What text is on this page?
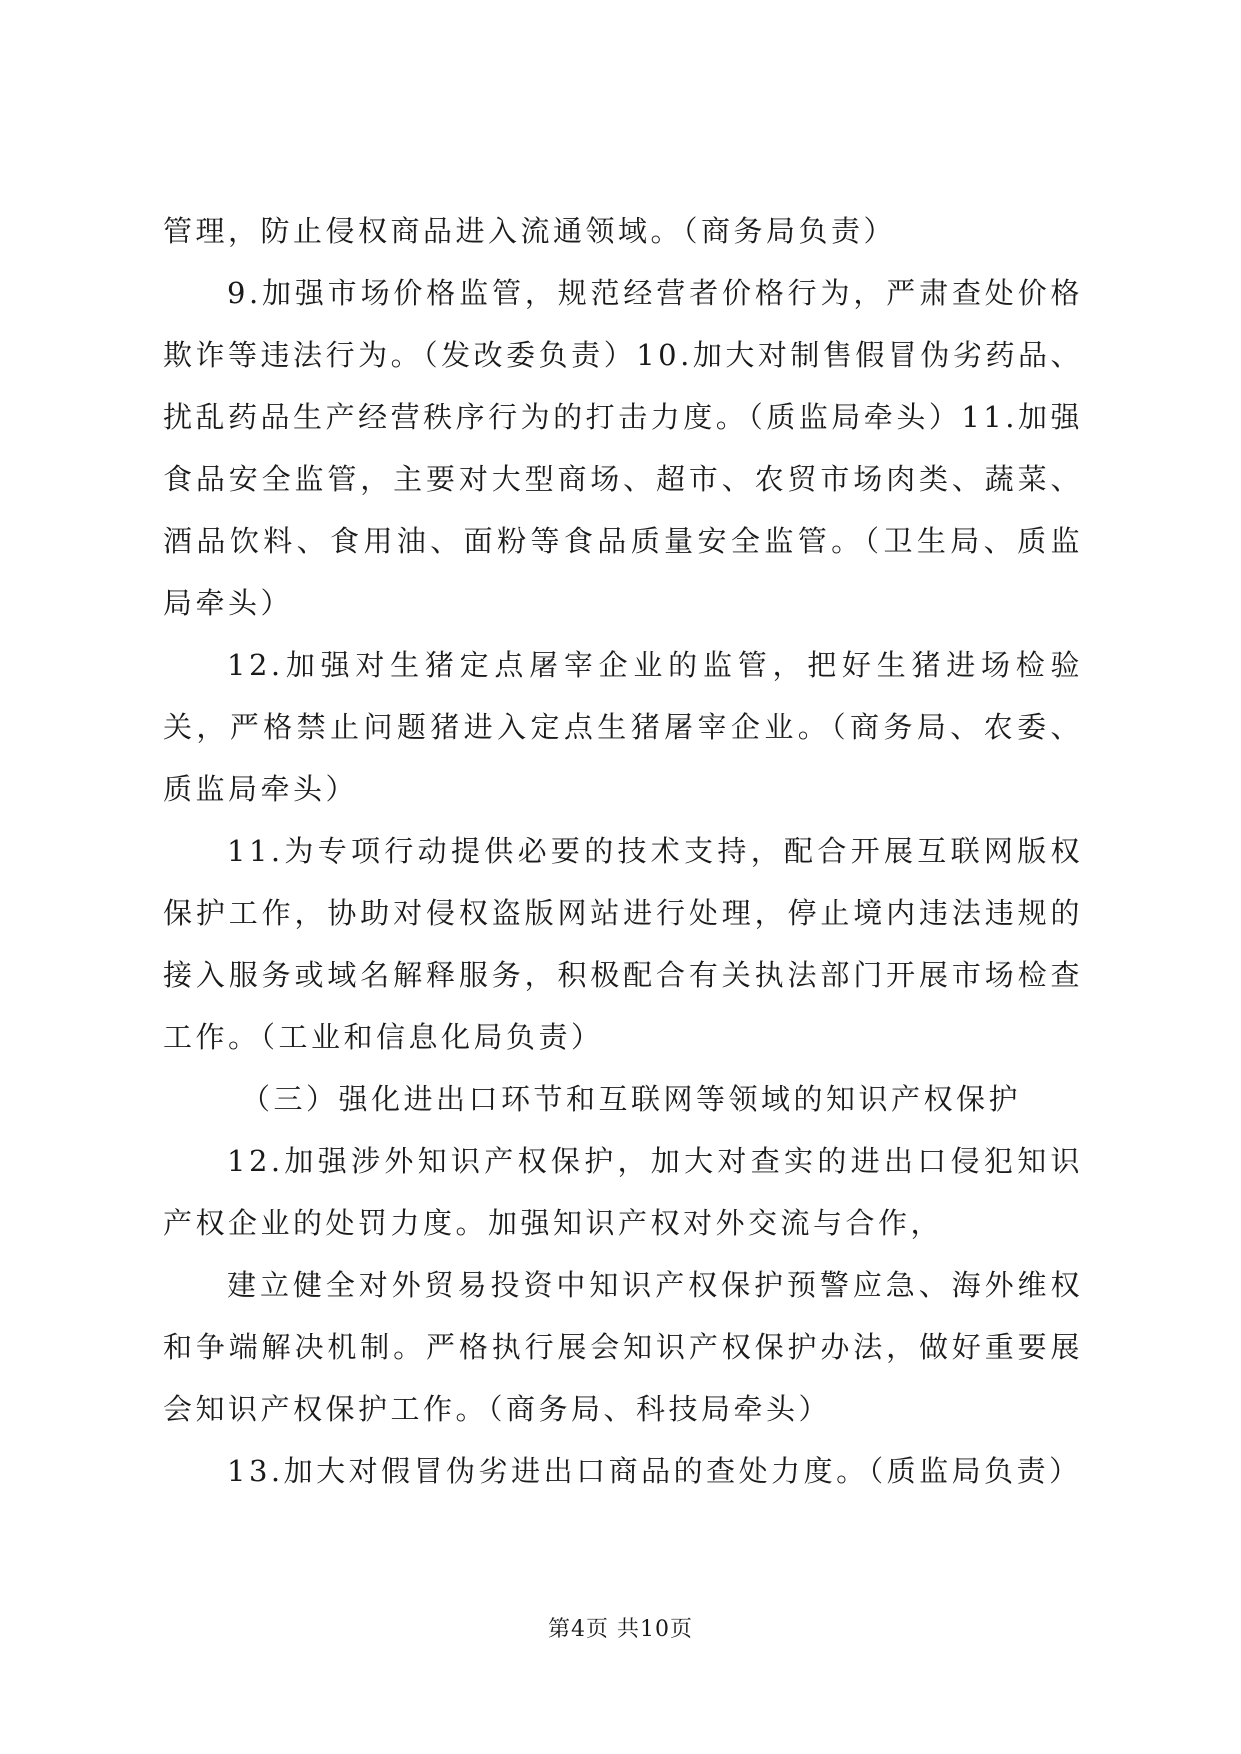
管理，防止侵权商品进入流通领域。（商务局负责）

9.加强市场价格监管，规范经营者价格行为，严肃查处价格欺诈等违法行为。（发改委负责）10.加大对制售假冒伪劣药品、扰乱药品生产经营秩序行为的打击力度。（质监局牵头）11.加强食品安全监管，主要对大型商场、超市、农贸市场肉类、蔬菜、酒品饮料、食用油、面粉等食品质量安全监管。（卫生局、质监局牵头）

12.加强对生猪定点屠宰企业的监管，把好生猪进场检验关，严格禁止问题猪进入定点生猪屠宰企业。（商务局、农委、质监局牵头）

11.为专项行动提供必要的技术支持，配合开展互联网版权保护工作，协助对侵权盗版网站进行处理，停止境内违法违规的接入服务或域名解释服务，积极配合有关执法部门开展市场检查工作。（工业和信息化局负责）

（三）强化进出口环节和互联网等领域的知识产权保护

12.加强涉外知识产权保护，加大对查实的进出口侵犯知识产权企业的处罚力度。加强知识产权对外交流与合作，

建立健全对外贸易投资中知识产权保护预警应急、海外维权和争端解决机制。严格执行展会知识产权保护办法，做好重要展会知识产权保护工作。（商务局、科技局牵头）

13.加大对假冒伪劣进出口商品的查处力度。（质监局负责）

第4页 共10页
